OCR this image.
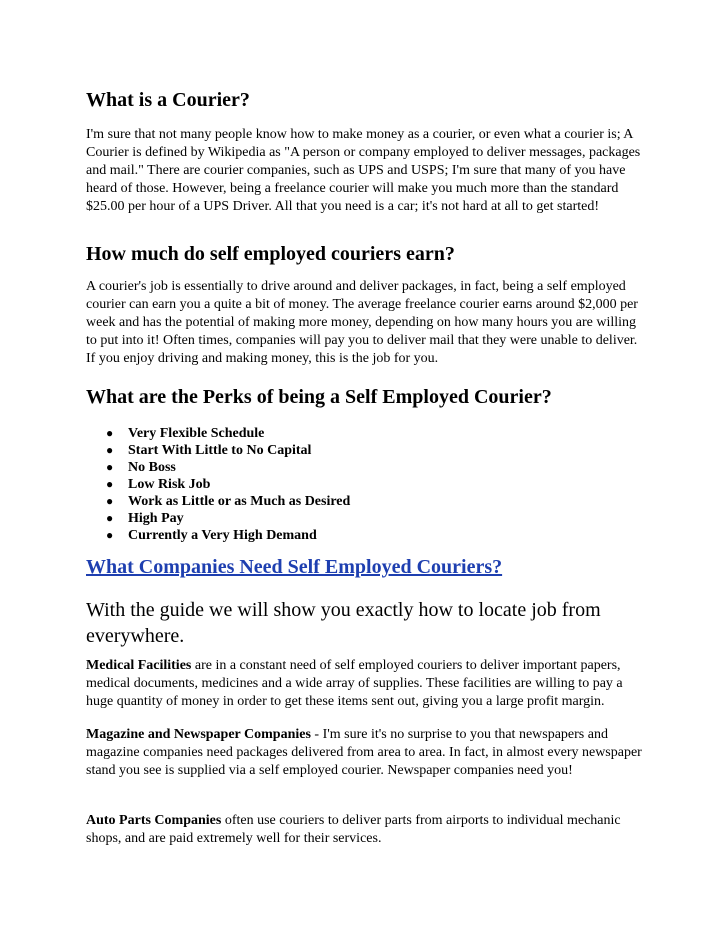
What is a Courier?

I'm sure that not many people know how to make money as a courier, or even what a courier is; A Courier is defined by Wikipedia as "A person or company employed to deliver messages, packages and mail." There are courier companies, such as UPS and USPS; I'm sure that many of you have heard of those. However, being a freelance courier will make you much more than the standard $25.00 per hour of a UPS Driver. All that you need is a car; it's not hard at all to get started!

How much do self employed couriers earn?

A courier's job is essentially to drive around and deliver packages, in fact, being a self employed courier can earn you a quite a bit of money. The average freelance courier earns around $2,000 per week and has the potential of making more money, depending on how many hours you are willing to put into it! Often times, companies will pay you to deliver mail that they were unable to deliver. If you enjoy driving and making money, this is the job for you.

What are the Perks of being a Self Employed Courier?
● Very Flexible Schedule
● Start With Little to No Capital
● No Boss
● Low Risk Job
● Work as Little or as Much as Desired
● High Pay
● Currently a Very High Demand
What Companies Need Self Employed Couriers?

With the guide we will show you exactly how to locate job from everywhere.

Medical Facilities are in a constant need of self employed couriers to deliver important papers, medical documents, medicines and a wide array of supplies. These facilities are willing to pay a huge quantity of money in order to get these items sent out, giving you a large profit margin.

Magazine and Newspaper Companies - I'm sure it's no surprise to you that newspapers and magazine companies need packages delivered from area to area. In fact, in almost every newspaper stand you see is supplied via a self employed courier. Newspaper companies need you!

Auto Parts Companies often use couriers to deliver parts from airports to individual mechanic shops, and are paid extremely well for their services.
